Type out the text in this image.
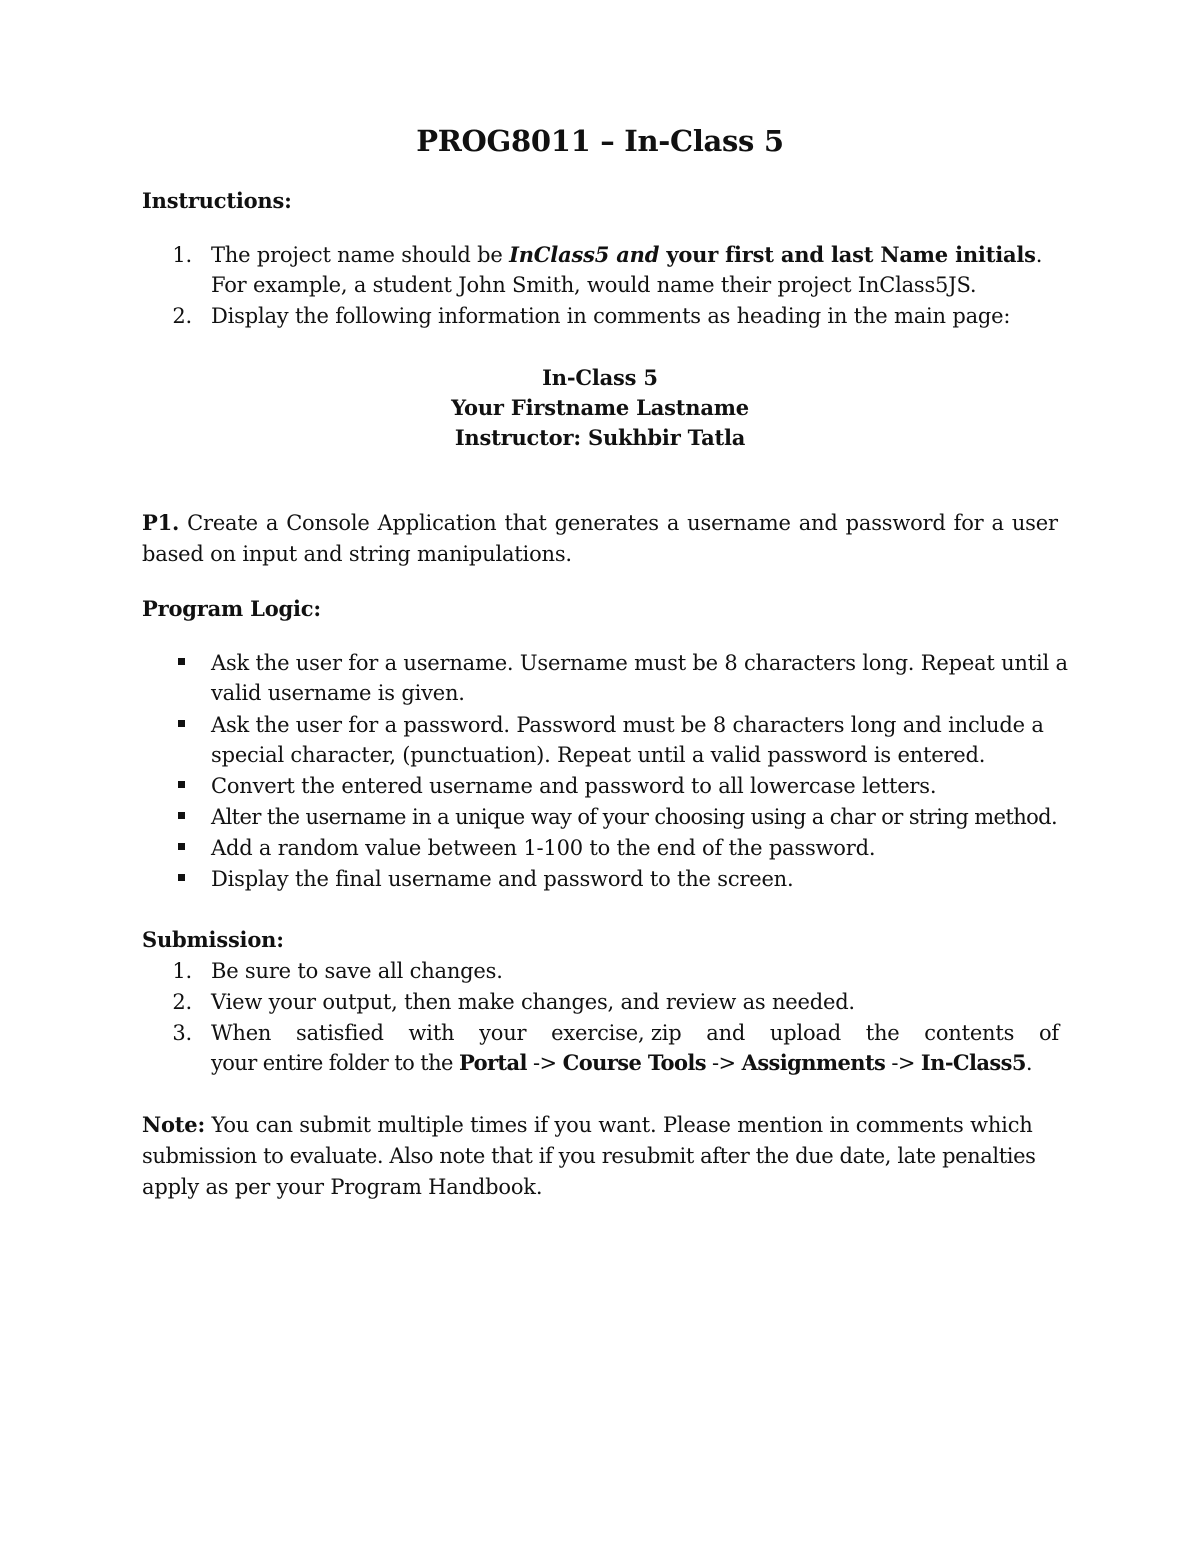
PROG8011 – In-Class 5
Instructions:
1. The project name should be InClass5 and your first and last Name initials.
For example, a student John Smith, would name their project InClass5JS.
2. Display the following information in comments as heading in the main page:
In-Class 5
Your Firstname Lastname
Instructor: Sukhbir Tatla
P1. Create a Console Application that generates a username and password for a user
based on input and string manipulations.
Program Logic:
Ask the user for a username. Username must be 8 characters long. Repeat until a
valid username is given.
Ask the user for a password. Password must be 8 characters long and include a
special character, (punctuation). Repeat until a valid password is entered.
Convert the entered username and password to all lowercase letters.
Alter the username in a unique way of your choosing using a char or string method.
Add a random value between 1-100 to the end of the password.
Display the final username and password to the screen.
Submission:
1. Be sure to save all changes.
2. View your output, then make changes, and review as needed.
3. When satisfied with your exercise, zip and upload the contents of
your entire folder to the Portal -> Course Tools -> Assignments -> In-Class5.
Note: You can submit multiple times if you want. Please mention in comments which
submission to evaluate. Also note that if you resubmit after the due date, late penalties
apply as per your Program Handbook.
